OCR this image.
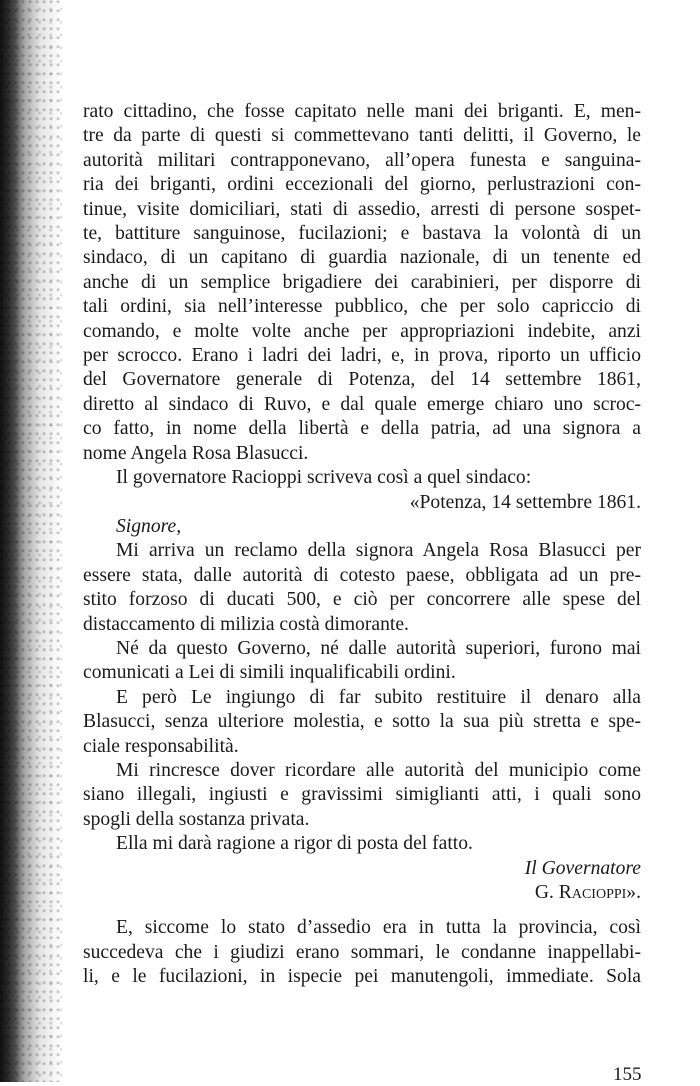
rato cittadino, che fosse capitato nelle mani dei briganti. E, men-
tre da parte di questi si commettevano tanti delitti, il Governo, le
autorità militari contrapponevano, all’opera funesta e sanguina-
ria dei briganti, ordini eccezionali del giorno, perlustrazioni con-
tinue, visite domiciliari, stati di assedio, arresti di persone sospet-
te, battiture sanguinose, fucilazioni; e bastava la volontà di un
sindaco, di un capitano di guardia nazionale, di un tenente ed
anche di un semplice brigadiere dei carabinieri, per disporre di
tali ordini, sia nell’interesse pubblico, che per solo capriccio di
comando, e molte volte anche per appropriazioni indebite, anzi
per scrocco. Erano i ladri dei ladri, e, in prova, riporto un ufficio
del Governatore generale di Potenza, del 14 settembre 1861,
diretto al sindaco di Ruvo, e dal quale emerge chiaro uno scroc-
co fatto, in nome della libertà e della patria, ad una signora a
nome Angela Rosa Blasucci.
Il governatore Racioppi scriveva così a quel sindaco:
«Potenza, 14 settembre 1861.
Signore,
Mi arriva un reclamo della signora Angela Rosa Blasucci per
essere stata, dalle autorità di cotesto paese, obbligata ad un pre-
stito forzoso di ducati 500, e ciò per concorrere alle spese del
distaccamento di milizia costà dimorante.
Né da questo Governo, né dalle autorità superiori, furono mai
comunicati a Lei di simili inqualificabili ordini.
E però Le ingiungo di far subito restituire il denaro alla
Blasucci, senza ulteriore molestia, e sotto la sua più stretta e spe-
ciale responsabilità.
Mi rincresce dover ricordare alle autorità del municipio come
siano illegali, ingiusti e gravissimi simiglianti atti, i quali sono
spogli della sostanza privata.
Ella mi darà ragione a rigor di posta del fatto.
Il Governatore
G. Racioppi».
E, siccome lo stato d’assedio era in tutta la provincia, così
succedeva che i giudizi erano sommari, le condanne inappellabi-
li, e le fucilazioni, in ispecie pei manutengoli, immediate. Sola
155
